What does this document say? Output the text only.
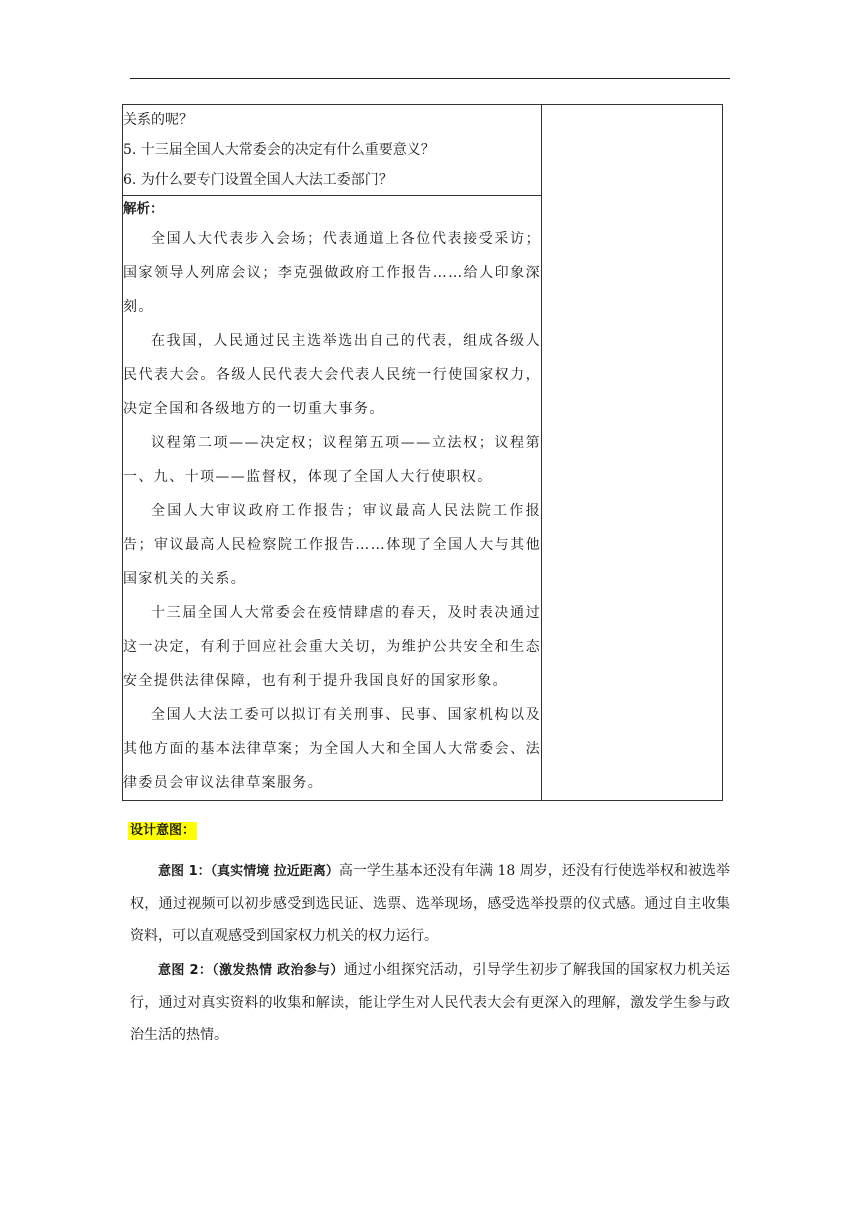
关系的呢？
5. 十三届全国人大常委会的决定有什么重要意义？
6. 为什么要专门设置全国人大法工委部门？

解析：

全国人大代表步入会场；代表通道上各位代表接受采访；国家领导人列席会议；李克强做政府工作报告……给人印象深刻。

在我国，人民通过民主选举选出自己的代表，组成各级人民代表大会。各级人民代表大会代表人民统一行使国家权力，决定全国和各级地方的一切重大事务。

议程第二项——决定权；议程第五项——立法权；议程第一、九、十项——监督权，体现了全国人大行使职权。

全国人大审议政府工作报告；审议最高人民法院工作报告；审议最高人民检察院工作报告……体现了全国人大与其他国家机关的关系。

十三届全国人大常委会在疫情肆虐的春天，及时表决通过这一决定，有利于回应社会重大关切，为维护公共安全和生态安全提供法律保障，也有利于提升我国良好的国家形象。

全国人大法工委可以拟订有关刑事、民事、国家机构以及其他方面的基本法律草案；为全国人大和全国人大常委会、法律委员会审议法律草案服务。

设计意图：

意图 1：（真实情境 拉近距离）高一学生基本还没有年满 18 周岁，还没有行使选举权和被选举权，通过视频可以初步感受到选民证、选票、选举现场，感受选举投票的仪式感。通过自主收集资料，可以直观感受到国家权力机关的权力运行。

意图 2：（激发热情 政治参与）通过小组探究活动，引导学生初步了解我国的国家权力机关运行，通过对真实资料的收集和解读，能让学生对人民代表大会有更深入的理解，激发学生参与政治生活的热情。
